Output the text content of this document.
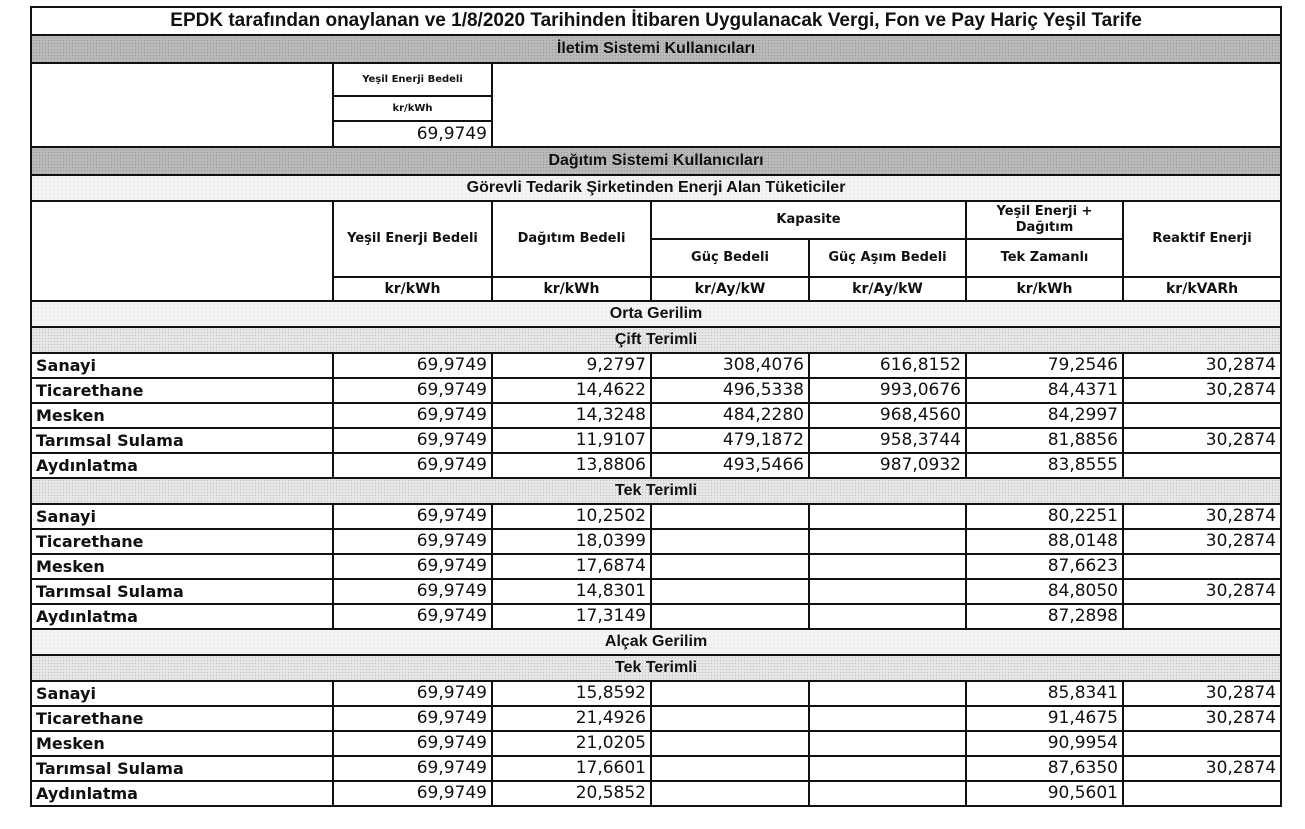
EPDK tarafından onaylanan ve 1/8/2020 Tarihinden İtibaren Uygulanacak Vergi, Fon ve Pay Hariç Yeşil Tarife						
İletim Sistemi Kullanıcıları						
	Yeşil Enerji Bedeli					
	kr/kWh					
	69,9749					
Dağıtım Sistemi Kullanıcıları						
Görevli Tedarik Şirketinden Enerji Alan Tüketiciler						
	Yeşil Enerji Bedeli	Dağıtım Bedeli	Kapasite		Yeşil Enerji + Dağıtım	Reaktif Enerji
			Güç Bedeli	Güç Aşım Bedeli	Tek Zamanlı	
	kr/kWh	kr/kWh	kr/Ay/kW	kr/Ay/kW	kr/kWh	kr/kVARh
Orta Gerilim						
Çift Terimli						
Sanayi	69,9749	9,2797	308,4076	616,8152	79,2546	30,2874
Ticarethane	69,9749	14,4622	496,5338	993,0676	84,4371	30,2874
Mesken	69,9749	14,3248	484,2280	968,4560	84,2997	
Tarımsal Sulama	69,9749	11,9107	479,1872	958,3744	81,8856	30,2874
Aydınlatma	69,9749	13,8806	493,5466	987,0932	83,8555	
Tek Terimli						
Sanayi	69,9749	10,2502			80,2251	30,2874
Ticarethane	69,9749	18,0399			88,0148	30,2874
Mesken	69,9749	17,6874			87,6623	
Tarımsal Sulama	69,9749	14,8301			84,8050	30,2874
Aydınlatma	69,9749	17,3149			87,2898	
Alçak Gerilim						
Tek Terimli						
Sanayi	69,9749	15,8592			85,8341	30,2874
Ticarethane	69,9749	21,4926			91,4675	30,2874
Mesken	69,9749	21,0205			90,9954	
Tarımsal Sulama	69,9749	17,6601			87,6350	30,2874
Aydınlatma	69,9749	20,5852			90,5601	
